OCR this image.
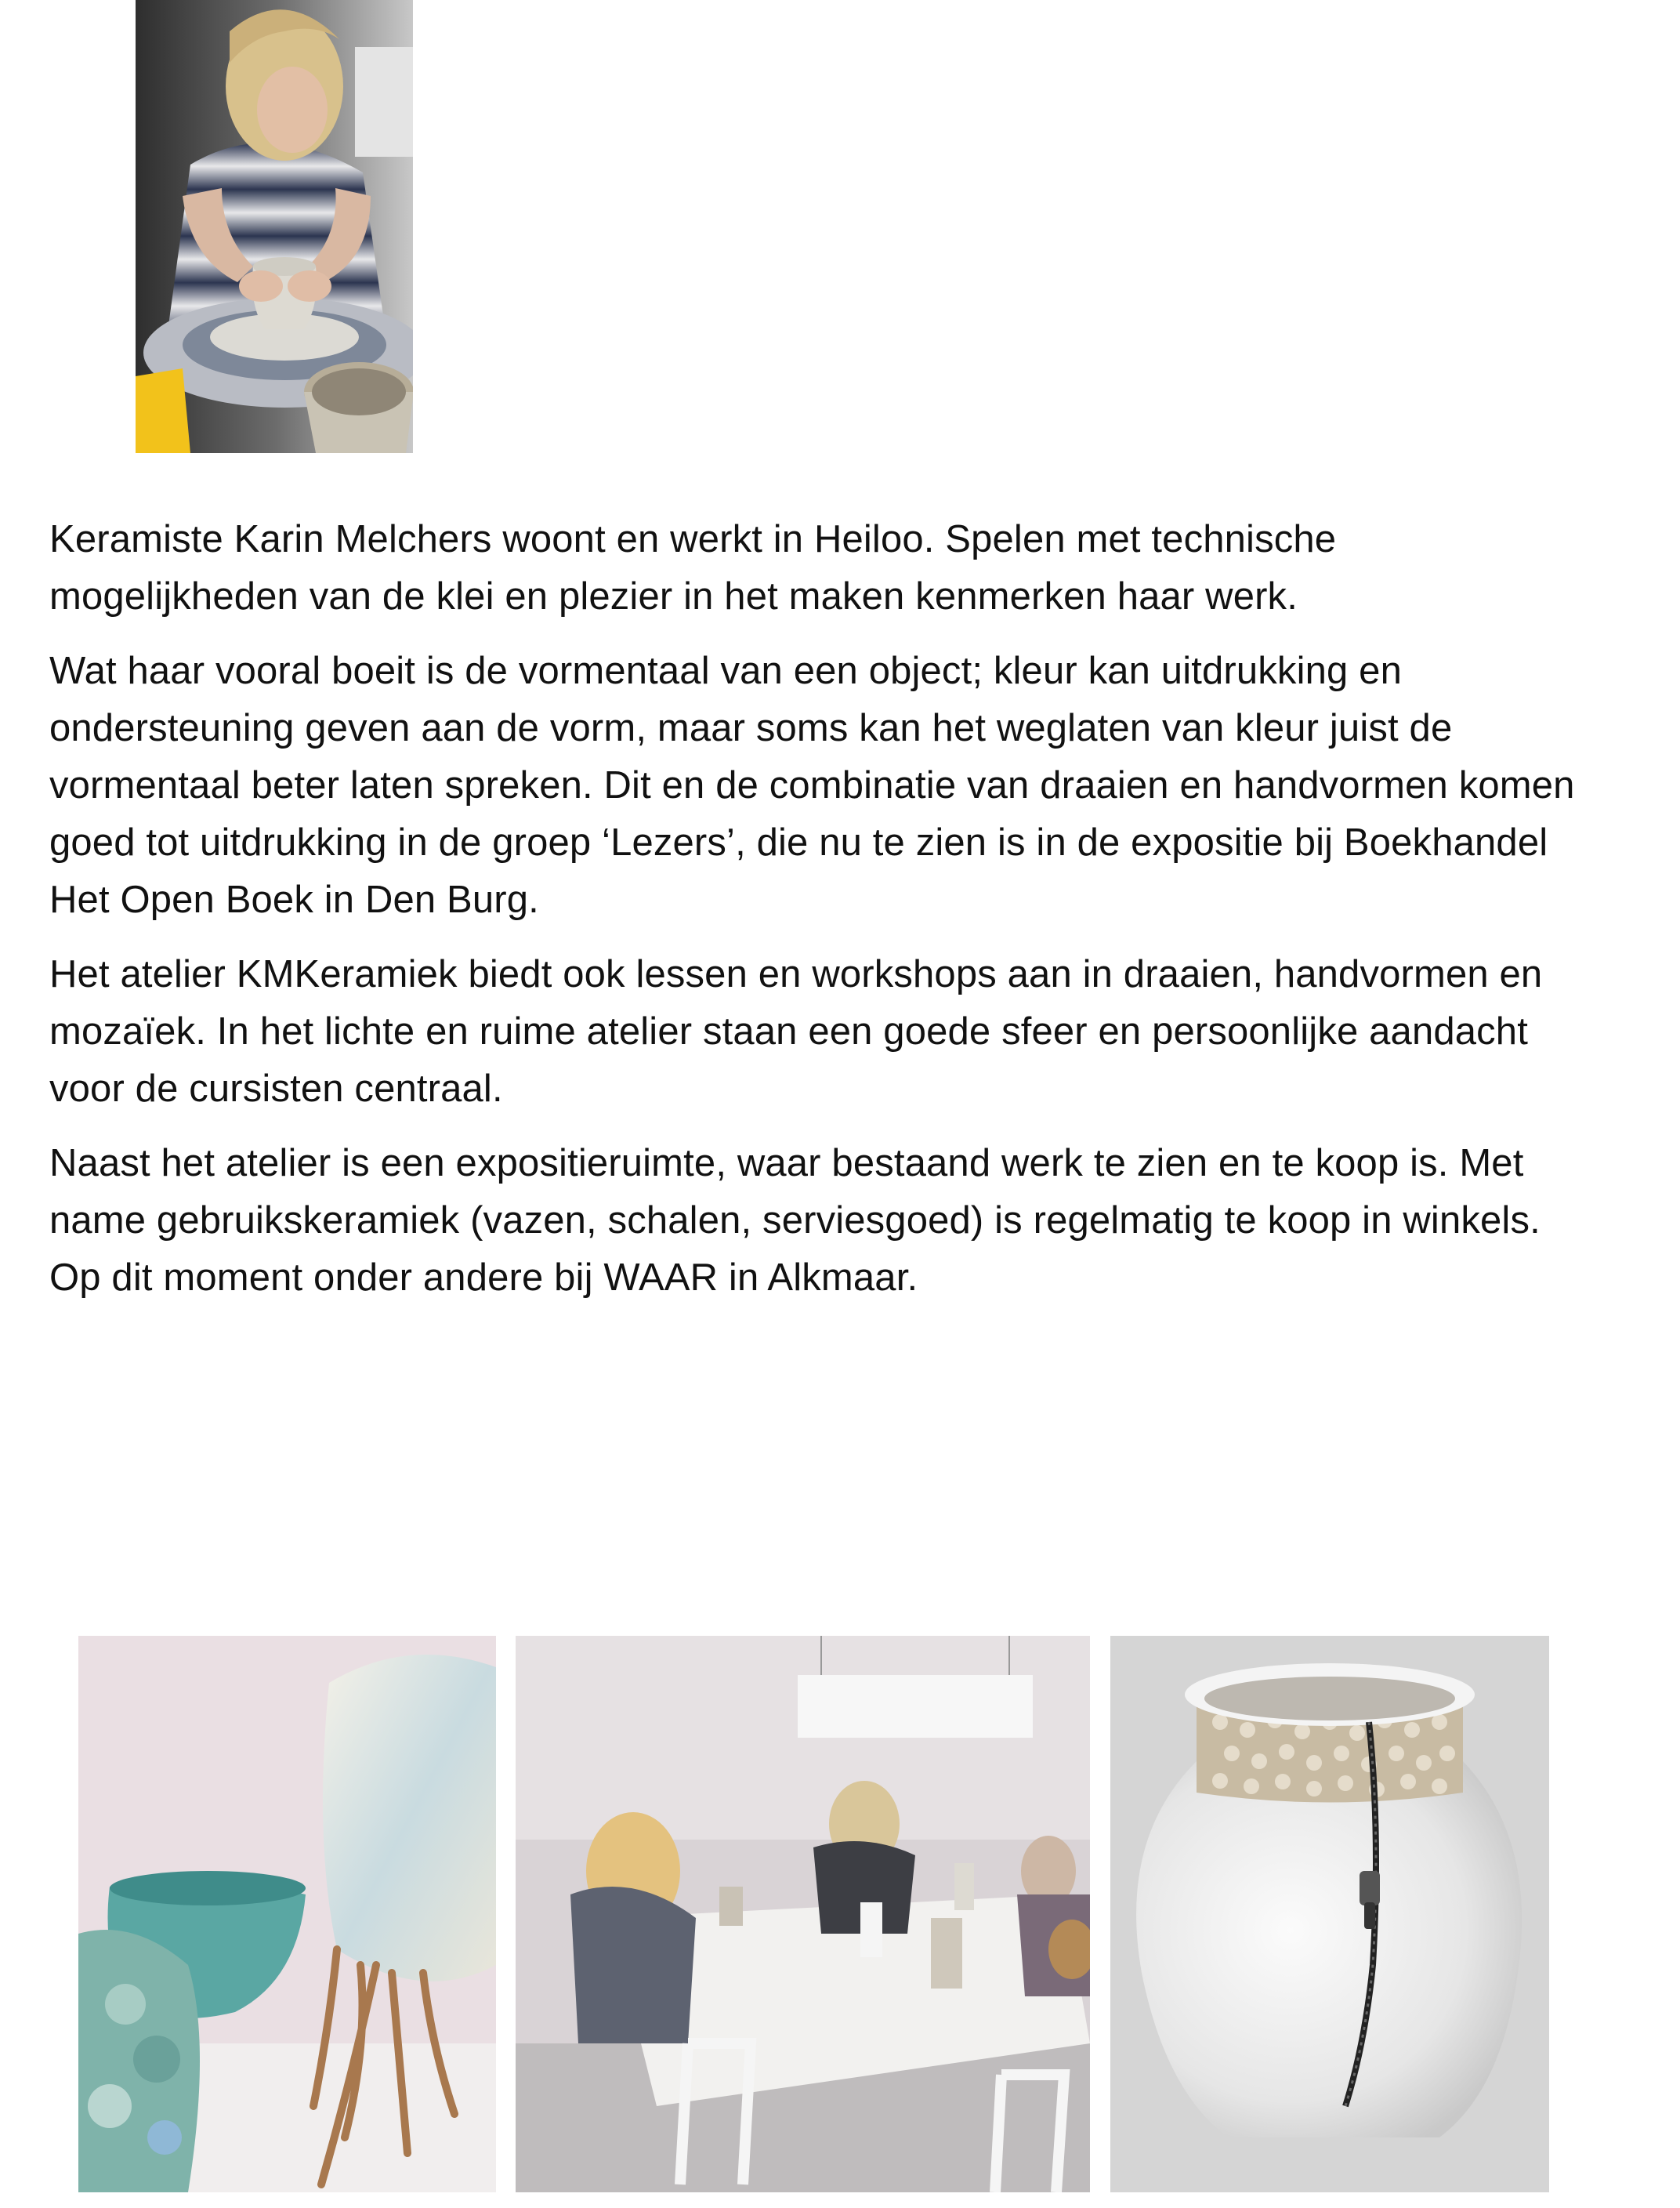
Keramiste Karin Melchers woont en werkt in Heiloo. Spelen met technische mogelijkheden van de klei en plezier in het maken kenmerken haar werk.

Wat haar vooral boeit is de vormentaal van een object; kleur kan uitdrukking en ondersteuning geven aan de vorm, maar soms kan het weglaten van kleur juist de vormentaal beter laten spreken. Dit en de combinatie van draaien en handvormen komen goed tot uitdrukking in de groep ‘Lezers’, die nu te zien is in de expositie bij Boekhandel Het Open Boek in Den Burg.

Het atelier KMKeramiek biedt ook lessen en workshops aan in draaien, handvormen en mozaïek. In het lichte en ruime atelier staan een goede sfeer en persoonlijke aandacht voor de cursisten centraal.

Naast het atelier is een expositieruimte, waar bestaand werk te zien en te koop is. Met name gebruikskeramiek (vazen, schalen, serviesgoed) is regelmatig te koop in winkels. Op dit moment onder andere bij WAAR in Alkmaar.
